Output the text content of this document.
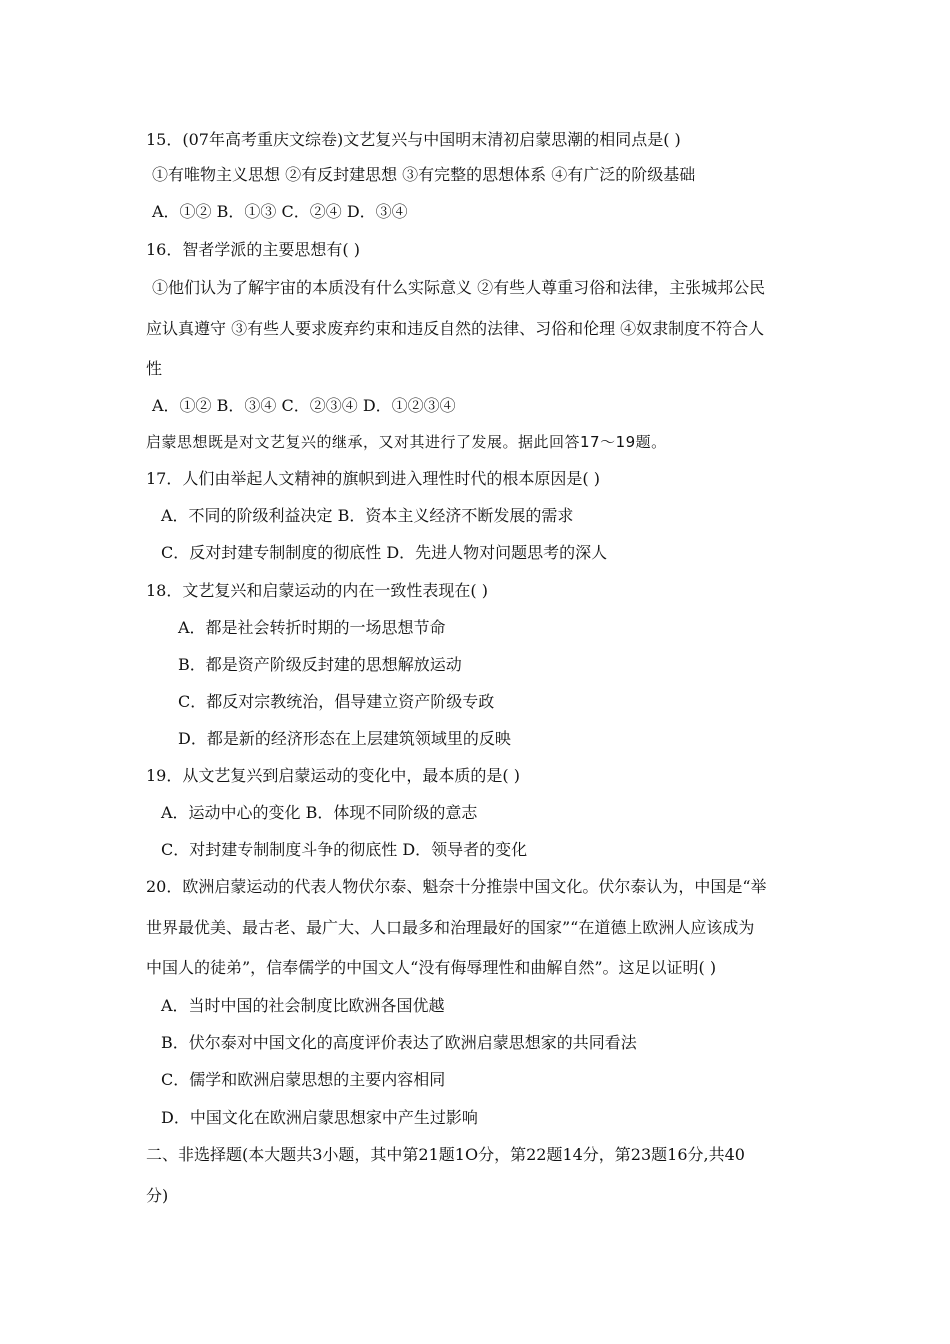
15．(07年高考重庆文综卷)文艺复兴与中国明末清初启蒙思潮的相同点是( )
①有唯物主义思想 ②有反封建思想 ③有完整的思想体系 ④有广泛的阶级基础
A．①② B．①③ C．②④ D．③④
16．智者学派的主要思想有( )
①他们认为了解宇宙的本质没有什么实际意义 ②有些人尊重习俗和法律，主张城邦公民
应认真遵守 ③有些人要求废弃约束和违反自然的法律、习俗和伦理 ④奴隶制度不符合人
性
A．①② B．③④ C．②③④ D．①②③④
启蒙思想既是对文艺复兴的继承，又对其进行了发展。据此回答17～19题。
17．人们由举起人文精神的旗帜到进入理性时代的根本原因是( )
A．不同的阶级利益决定 B．资本主义经济不断发展的需求
C．反对封建专制制度的彻底性 D．先进人物对问题思考的深人
18．文艺复兴和启蒙运动的内在一致性表现在( )
A．都是社会转折时期的一场思想节命
B．都是资产阶级反封建的思想解放运动
C．都反对宗教统治，倡导建立资产阶级专政
D．都是新的经济形态在上层建筑领域里的反映
19．从文艺复兴到启蒙运动的变化中，最本质的是( )
A．运动中心的变化 B．体现不同阶级的意志
C．对封建专制制度斗争的彻底性 D．领导者的变化
20．欧洲启蒙运动的代表人物伏尔泰、魁奈十分推崇中国文化。伏尔泰认为，中国是“举
世界最优美、最古老、最广大、人口最多和治理最好的国家”“在道德上欧洲人应该成为
中国人的徒弟”，信奉儒学的中国文人“没有侮辱理性和曲解自然”。这足以证明( )
A．当时中国的社会制度比欧洲各国优越
B．伏尔泰对中国文化的高度评价表达了欧洲启蒙思想家的共同看法
C．儒学和欧洲启蒙思想的主要内容相同
D．中国文化在欧洲启蒙思想家中产生过影响
二、非选择题(本大题共3小题，其中第21题1O分，第22题14分，第23题16分,共40
分)
